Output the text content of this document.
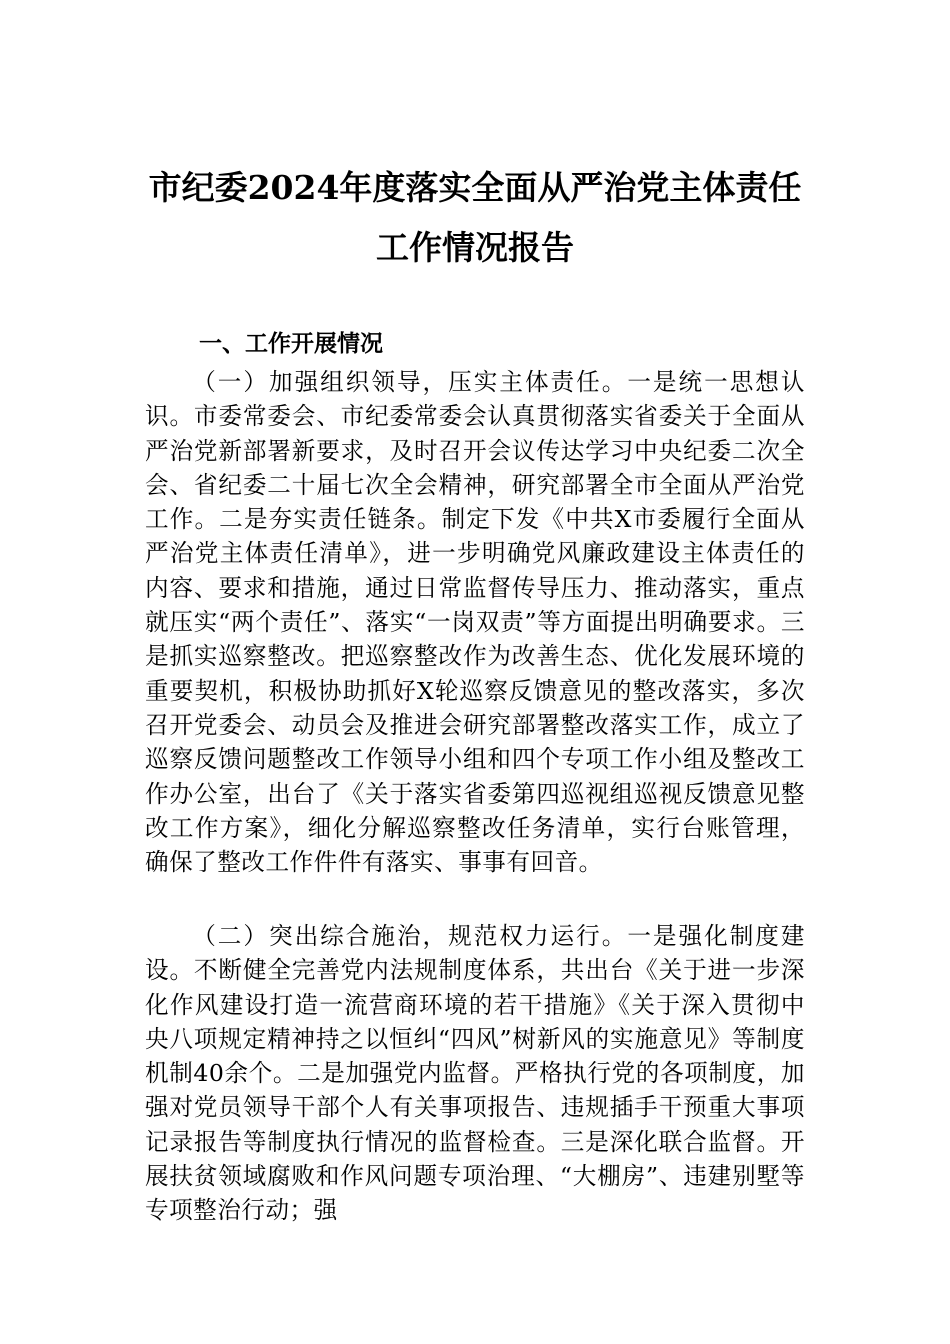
市纪委2024年度落实全面从严治党主体责任工作情况报告
一、工作开展情况

（一）加强组织领导，压实主体责任。一是统一思想认识。市委常委会、市纪委常委会认真贯彻落实省委关于全面从严治党新部署新要求，及时召开会议传达学习中央纪委二次全会、省纪委二十届七次全会精神，研究部署全市全面从严治党工作。二是夯实责任链条。制定下发《中共X市委履行全面从严治党主体责任清单》，进一步明确党风廉政建设主体责任的内容、要求和措施，通过日常监督传导压力、推动落实，重点就压实“两个责任”、落实“一岗双责”等方面提出明确要求。三是抓实巡察整改。把巡察整改作为改善生态、优化发展环境的重要契机，积极协助抓好X轮巡察反馈意见的整改落实，多次召开党委会、动员会及推进会研究部署整改落实工作，成立了巡察反馈问题整改工作领导小组和四个专项工作小组及整改工作办公室，出台了《关于落实省委第四巡视组巡视反馈意见整改工作方案》，细化分解巡察整改任务清单，实行台账管理，确保了整改工作件件有落实、事事有回音。

（二）突出综合施治，规范权力运行。一是强化制度建设。不断健全完善党内法规制度体系，共出台《关于进一步深化作风建设打造一流营商环境的若干措施》《关于深入贯彻中央八项规定精神持之以恒纠“四风”树新风的实施意见》等制度机制40余个。二是加强党内监督。严格执行党的各项制度，加强对党员领导干部个人有关事项报告、违规插手干预重大事项记录报告等制度执行情况的监督检查。三是深化联合监督。开展扶贫领域腐败和作风问题专项治理、“大棚房”、违建别墅等专项整治行动；强
